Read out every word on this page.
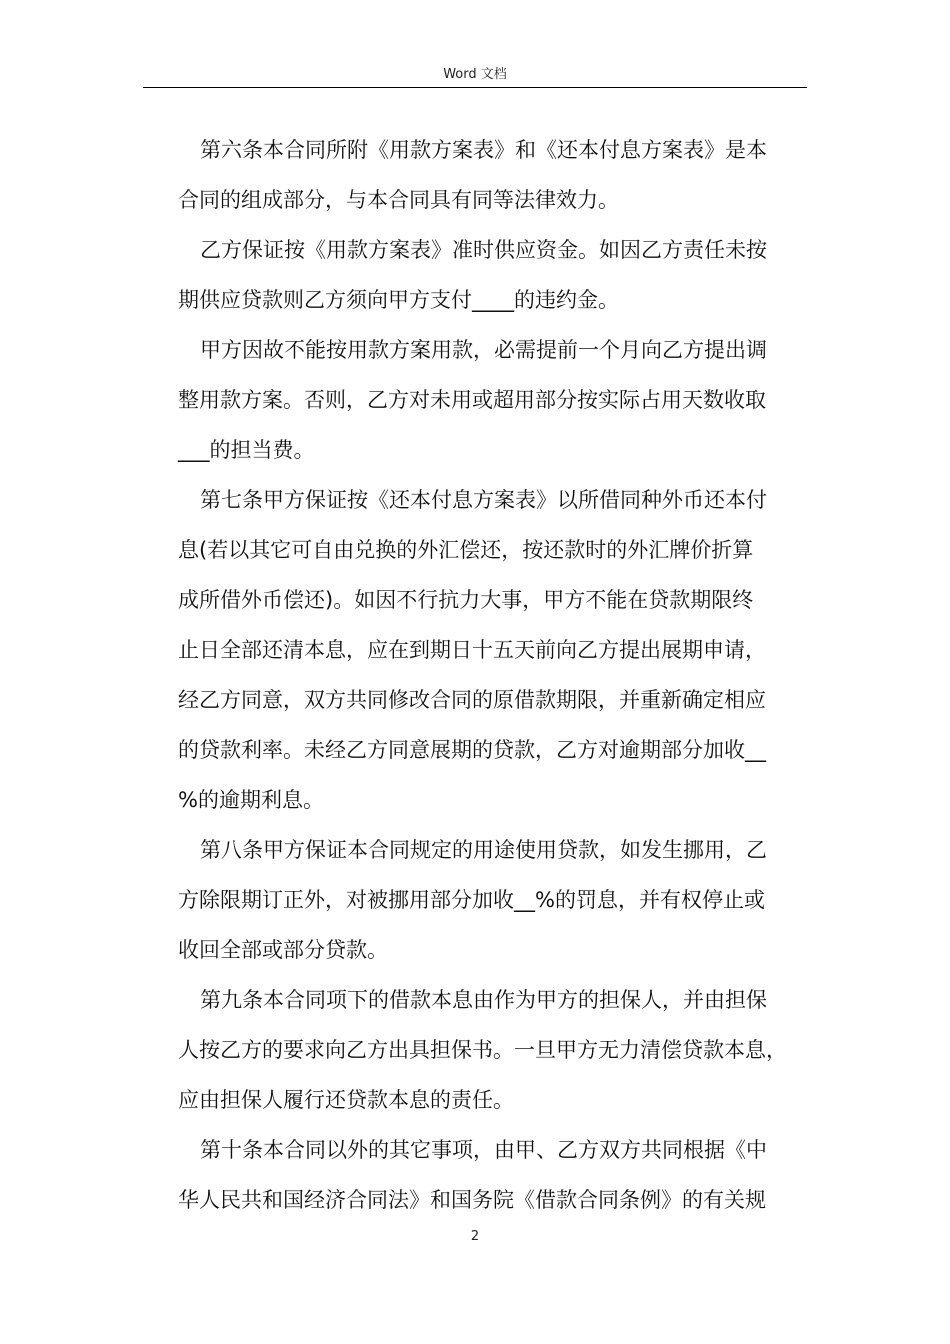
Word 文档
第六条本合同所附《用款方案表》和《还本付息方案表》是本
合同的组成部分，与本合同具有同等法律效力。
乙方保证按《用款方案表》准时供应资金。如因乙方责任未按
期供应贷款则乙方须向甲方支付____的违约金。
甲方因故不能按用款方案用款，必需提前一个月向乙方提出调
整用款方案。否则，乙方对未用或超用部分按实际占用天数收取
___的担当费。
第七条甲方保证按《还本付息方案表》以所借同种外币还本付
息(若以其它可自由兑换的外汇偿还，按还款时的外汇牌价折算
成所借外币偿还)。如因不行抗力大事，甲方不能在贷款期限终
止日全部还清本息，应在到期日十五天前向乙方提出展期申请，
经乙方同意，双方共同修改合同的原借款期限，并重新确定相应
的贷款利率。未经乙方同意展期的贷款，乙方对逾期部分加收__
%的逾期利息。
第八条甲方保证本合同规定的用途使用贷款，如发生挪用，乙
方除限期订正外，对被挪用部分加收__%的罚息，并有权停止或
收回全部或部分贷款。
第九条本合同项下的借款本息由作为甲方的担保人，并由担保
人按乙方的要求向乙方出具担保书。一旦甲方无力清偿贷款本息，
应由担保人履行还贷款本息的责任。
第十条本合同以外的其它事项，由甲、乙方双方共同根据《中
华人民共和国经济合同法》和国务院《借款合同条例》的有关规
2
